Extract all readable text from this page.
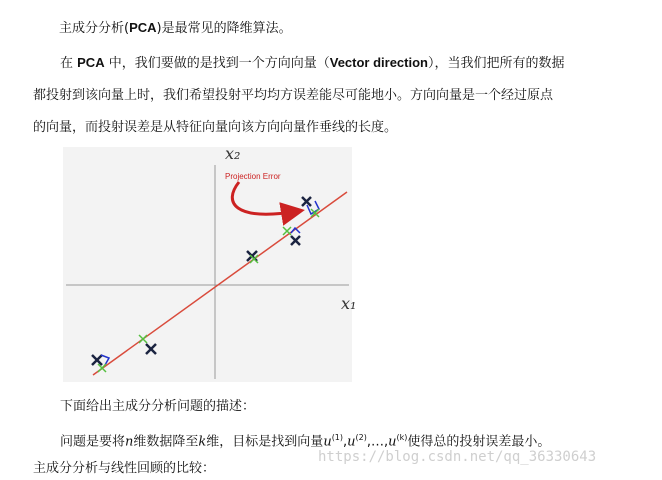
主成分分析(PCA)是最常见的降维算法。
在 PCA 中，我们要做的是找到一个方向向量（Vector direction），当我们把所有的数据
都投射到该向量上时，我们希望投射平均均方误差能尽可能地小。方向向量是一个经过原点
的向量，而投射误差是从特征向量向该方向向量作垂线的长度。
x₂
x₁
Projection Error
下面给出主成分分析问题的描述：
问题是要将n维数据降至k维，目标是找到向量$u^{(1)},u^{(2)},\dots,u^{(k)}$使得总的投射误差最小。
主成分分析与线性回顾的比较：
https://blog.csdn.net/qq_36330643
